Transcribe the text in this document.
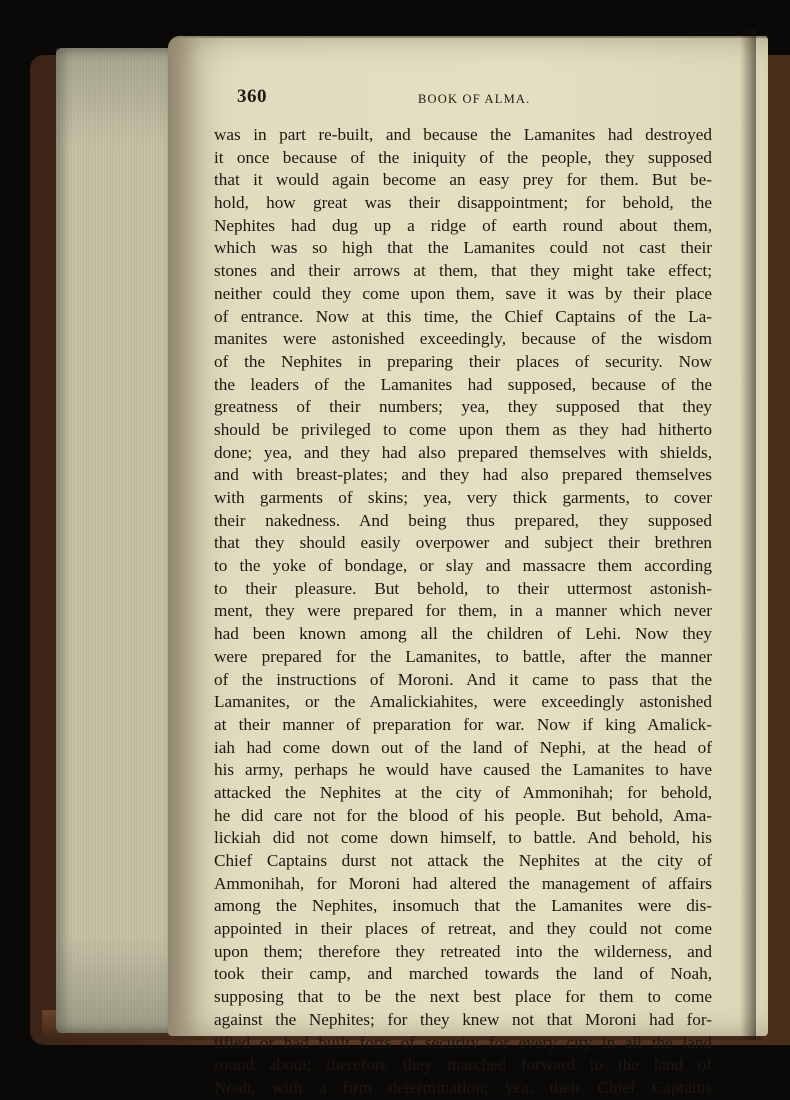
360	BOOK OF ALMA.
was in part re-built, and because the Lamanites had destroyed
it once because of the iniquity of the people, they supposed
that it would again become an easy prey for them. But be-
hold, how great was their disappointment; for behold, the
Nephites had dug up a ridge of earth round about them,
which was so high that the Lamanites could not cast their
stones and their arrows at them, that they might take effect;
neither could they come upon them, save it was by their place
of entrance. Now at this time, the Chief Captains of the La-
manites were astonished exceedingly, because of the wisdom
of the Nephites in preparing their places of security. Now
the leaders of the Lamanites had supposed, because of the
greatness of their numbers; yea, they supposed that they
should be privileged to come upon them as they had hitherto
done; yea, and they had also prepared themselves with shields,
and with breast-plates; and they had also prepared themselves
with garments of skins; yea, very thick garments, to cover
their nakedness. And being thus prepared, they supposed
that they should easily overpower and subject their brethren
to the yoke of bondage, or slay and massacre them according
to their pleasure. But behold, to their uttermost astonish-
ment, they were prepared for them, in a manner which never
had been known among all the children of Lehi. Now they
were prepared for the Lamanites, to battle, after the manner
of the instructions of Moroni. And it came to pass that the
Lamanites, or the Amalickiahites, were exceedingly astonished
at their manner of preparation for war. Now if king Amalick-
iah had come down out of the land of Nephi, at the head of
his army, perhaps he would have caused the Lamanites to have
attacked the Nephites at the city of Ammonihah; for behold,
he did care not for the blood of his people. But behold, Ama-
lickiah did not come down himself, to battle. And behold, his
Chief Captains durst not attack the Nephites at the city of
Ammonihah, for Moroni had altered the management of affairs
among the Nephites, insomuch that the Lamanites were dis-
appointed in their places of retreat, and they could not come
upon them; therefore they retreated into the wilderness, and
took their camp, and marched towards the land of Noah,
supposing that to be the next best place for them to come
against the Nephites; for they knew not that Moroni had for-
tified or had built forts of security for every city in all the land
round about; therefore they marched forward to the land of
Noah, with a firm determination; yea, their Chief Captains
